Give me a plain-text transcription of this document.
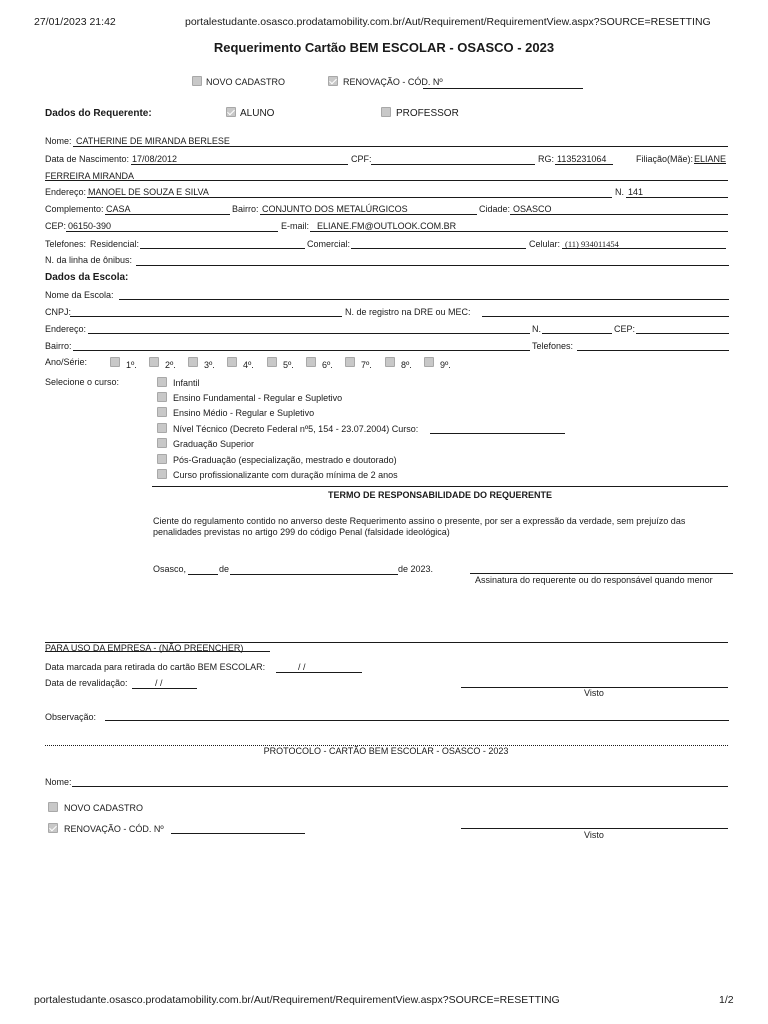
27/01/2023 21:42	portalestudante.osasco.prodatamobility.com.br/Aut/Requirement/RequirementView.aspx?SOURCE=RESETTING
Requerimento Cartão BEM ESCOLAR - OSASCO - 2023
NOVO CADASTRO	RENOVAÇÃO - CÓD. Nº
Dados do Requerente:	ALUNO	PROFESSOR
Nome: CATHERINE DE MIRANDA BERLESE
Data de Nascimento: 17/08/2012	CPF:	RG: 1135231064	Filiação(Mãe): ELIANE
FERREIRA MIRANDA
Endereço: MANOEL DE SOUZA E SILVA	N. 141
Complemento: CASA	Bairro: CONJUNTO DOS METALÚRGICOS	Cidade: OSASCO
CEP: 06150-390	E-mail: ELIANE.FM@OUTLOOK.COM.BR
Telefones: Residencial:	Comercial:	Celular: (11) 934011454
N. da linha de ônibus:
Dados da Escola:
Nome da Escola:
CNPJ:	N. de registro na DRE ou MEC:
Endereço:	N.	CEP:
Bairro:	Telefones:
Ano/Série:	1º.	2º.	3º.	4º.	5º.	6º.	7º.	8º.	9º.
Selecione o curso:	Infantil
Ensino Fundamental - Regular e Supletivo
Ensino Médio - Regular e Supletivo
Nível Técnico (Decreto Federal nº5, 154 - 23.07.2004) Curso:
Graduação Superior
Pós-Graduação (especialização, mestrado e doutorado)
Curso profissionalizante com duração mínima de 2 anos
TERMO DE RESPONSABILIDADE DO REQUERENTE
Ciente do regulamento contido no anverso deste Requerimento assino o presente, por ser a expressão da verdade, sem prejuízo das penalidades previstas no artigo 299 do código Penal (falsidade ideológica)
Osasco,	de	de 2023.
Assinatura do requerente ou do responsável quando menor
PARA USO DA EMPRESA - (NÃO PREENCHER)
Data marcada para retirada do cartão BEM ESCOLAR:	/ /
Data de revalidação:	/ /
Visto
Observação:
PROTOCOLO - CARTÃO BEM ESCOLAR - OSASCO - 2023
Nome:
NOVO CADASTRO
RENOVAÇÃO - CÓD. Nº
Visto
portalestudante.osasco.prodatamobility.com.br/Aut/Requirement/RequirementView.aspx?SOURCE=RESETTING	1/2
